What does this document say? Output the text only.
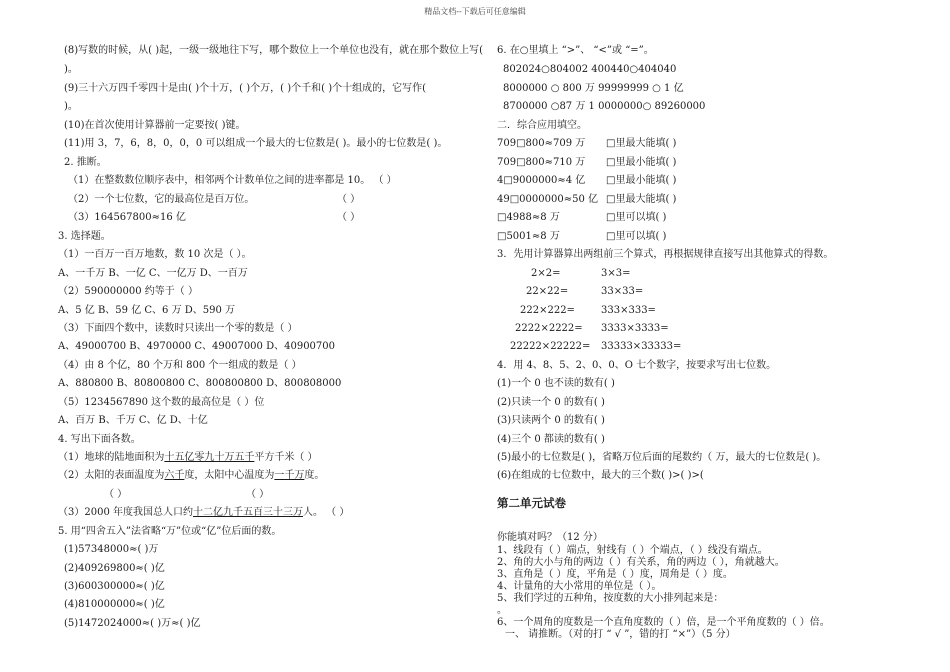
精品文档--下载后可任意编辑
(8)写数的时候，从( )起，一级一级地往下写，哪个数位上一个单位也没有，就在那个数位上写(
)。
(9)三十六万四千零四十是由( )个十万，( )个万，( )个千和( )个十组成的，它写作(
)。
(10)在首次使用计算器前一定要按( )键。
(11)用 3，7，6，8，0，0，0 可以组成一个最大的七位数是( )。最小的七位数是( )。
2. 推断。
（1）在整数数位顺序表中，相邻两个计数单位之间的进率都是 10。 （ ）
（2）一个七位数，它的最高位是百万位。	（ ）
（3）164567800≈16 亿	（ ）
3. 选择题。
（1）一百万一百万地数，数 10 次是（ ）。
A、一千万 B、一亿 C、一亿万 D、一百万
（2）590000000 约等于（ ）
A、5 亿 B、59 亿 C、6 万 D、590 万
（3）下面四个数中，读数时只读出一个零的数是（ ）
A、49000700 B、4970000 C、49007000 D、40900700
（4）由 8 个亿，80 个万和 800 个一组成的数是（ ）
A、880800 B、80800800 C、800800800 D、800808000
（5）1234567890 这个数的最高位是（ ）位
A、百万 B、千万 C、亿 D、十亿
4. 写出下面各数。
（1）地球的陆地面积为十五亿零九十万五千平方千米（ ）
（2）太阳的表面温度为六千度，太阳中心温度为一千万度。
（ ）	（ ）
（3）2000 年度我国总人口约十二亿九千五百三十三万人。 （ ）
5. 用“四舍五入”法省略“万”位或“亿”位后面的数。
(1)57348000≈( )万
(2)409269800≈( )亿
(3)600300000≈( )亿
(4)810000000≈( )亿
(5)1472024000≈( )万≈( )亿
6. 在○里填上 “>”、 “<”或 “=”。
802024○804002 400440○404040
8000000 ○ 800 万 99999999 ○ 1 亿
8700000 ○87 万 1 0000000○ 89260000
二．综合应用填空。
709□800≈709 万 □里最大能填( )
709□800≈710 万 □里最小能填( )
4□9000000≈4 亿 □里最小能填( )
49□0000000≈50 亿 □里最大能填( )
□4988≈8 万	□里可以填( )
□5001≈8 万	□里可以填( )
3．先用计算器算出两组前三个算式，再根据规律直接写出其他算式的得数。
2×2=	3×3=
22×22=	33×33=
222×222=	333×333=
2222×2222= 3333×3333=
22222×22222= 33333×33333=
4．用 4、8、5、2、0、0、O 七个数字，按要求写出七位数。
(1)一个 0 也不读的数有( )
(2)只读一个 0 的数有( )
(3)只读两个 0 的数有( )
(4)三个 0 都读的数有( )
(5)最小的七位数是( )，省略万位后面的尾数约（ 万，最大的七位数是( )。
(6)在组成的七位数中，最大的三个数( )>( )>(
你能填对吗？（12 分）
1、线段有（ ）端点，射线有（ ）个端点，（ ）线没有端点。
2、角的大小与角的两边（ ）有关系，角的两边（ ），角就越大。
3、直角是（ ）度，平角是（ ）度，周角是（ ）度。
4、计量角的大小常用的单位是（ ）。
5、我们学过的五种角，按度数的大小排列起来是：
。
6、一个周角的度数是一个直角度数的（ ）倍，是一个平角度数的（ ）倍。
一、 请推断。（对的打 “ √ ”，错的打 “×”）（5 分）
第二单元试卷
